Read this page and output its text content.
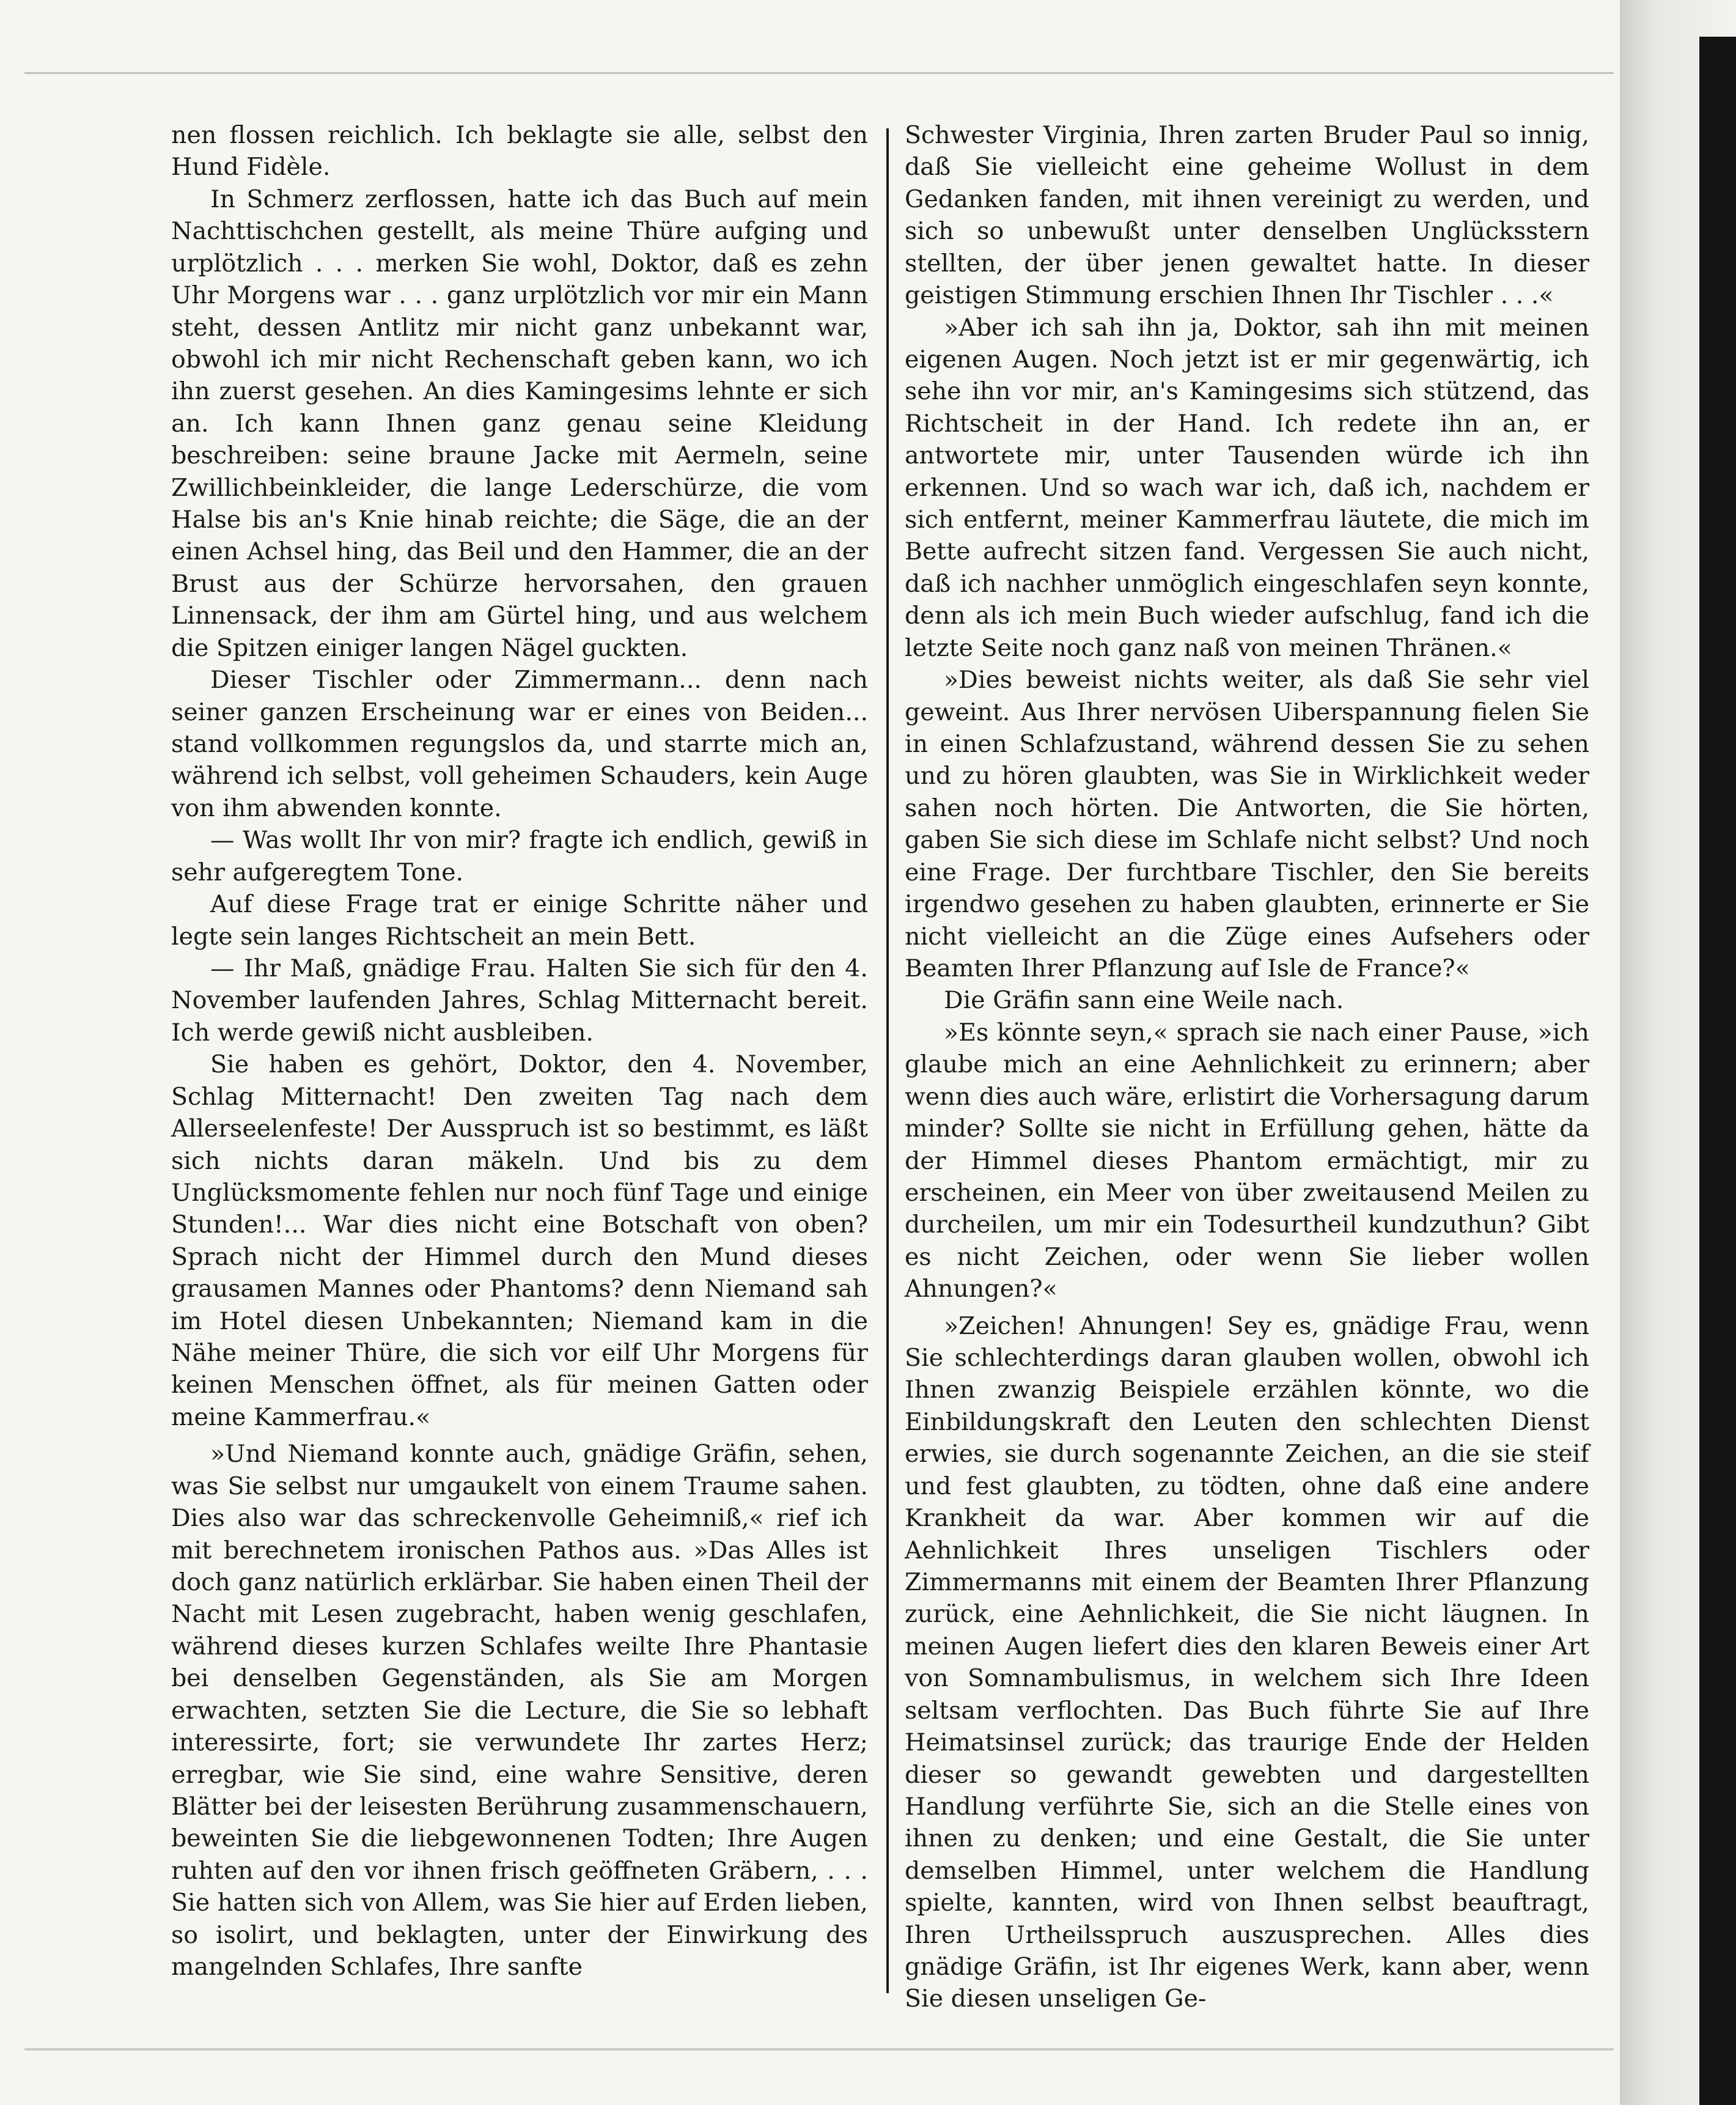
nen flossen reichlich. Ich beklagte sie alle, selbst den Hund Fidèle.

In Schmerz zerflossen, hatte ich das Buch auf mein Nachttischchen gestellt, als meine Thüre aufging und urplötzlich . . . merken Sie wohl, Doktor, daß es zehn Uhr Morgens war . . . ganz urplötzlich vor mir ein Mann steht, dessen Antlitz mir nicht ganz unbekannt war, obwohl ich mir nicht Rechenschaft geben kann, wo ich ihn zuerst gesehen. An dies Kamingesims lehnte er sich an. Ich kann Ihnen ganz genau seine Kleidung beschreiben: seine braune Jacke mit Aermeln, seine Zwillichbeinkleider, die lange Lederschürze, die vom Halse bis an's Knie hinab reichte; die Säge, die an der einen Achsel hing, das Beil und den Hammer, die an der Brust aus der Schürze hervorsahen, den grauen Linnensack, der ihm am Gürtel hing, und aus welchem die Spitzen einiger langen Nägel guckten.

Dieser Tischler oder Zimmermann... denn nach seiner ganzen Erscheinung war er eines von Beiden... stand vollkommen regungslos da, und starrte mich an, während ich selbst, voll geheimen Schauders, kein Auge von ihm abwenden konnte.

— Was wollt Ihr von mir? fragte ich endlich, gewiß in sehr aufgeregtem Tone.

Auf diese Frage trat er einige Schritte näher und legte sein langes Richtscheit an mein Bett.

— Ihr Maß, gnädige Frau. Halten Sie sich für den 4. November laufenden Jahres, Schlag Mitternacht bereit. Ich werde gewiß nicht ausbleiben.

Sie haben es gehört, Doktor, den 4. November, Schlag Mitternacht! Den zweiten Tag nach dem Allerseelenfeste! Der Ausspruch ist so bestimmt, es läßt sich nichts daran mäkeln. Und bis zu dem Unglücksmomente fehlen nur noch fünf Tage und einige Stunden!... War dies nicht eine Botschaft von oben? Sprach nicht der Himmel durch den Mund dieses grausamen Mannes oder Phantoms? denn Niemand sah im Hotel diesen Unbekannten; Niemand kam in die Nähe meiner Thüre, die sich vor eilf Uhr Morgens für keinen Menschen öffnet, als für meinen Gatten oder meine Kammerfrau.«

»Und Niemand konnte auch, gnädige Gräfin, sehen, was Sie selbst nur umgaukelt von einem Traume sahen. Dies also war das schreckenvolle Geheimniß,« rief ich mit berechnetem ironischen Pathos aus. »Das Alles ist doch ganz natürlich erklärbar. Sie haben einen Theil der Nacht mit Lesen zugebracht, haben wenig geschlafen, während dieses kurzen Schlafes weilte Ihre Phantasie bei denselben Gegenständen, als Sie am Morgen erwachten, setzten Sie die Lecture, die Sie so lebhaft interessirte, fort; sie verwundete Ihr zartes Herz; erregbar, wie Sie sind, eine wahre Sensitive, deren Blätter bei der leisesten Berührung zusammenschauern, beweinten Sie die liebgewonnenen Todten; Ihre Augen ruhten auf den vor ihnen frisch geöffneten Gräbern, . . . Sie hatten sich von Allem, was Sie hier auf Erden lieben, so isolirt, und beklagten, unter der Einwirkung des mangelnden Schlafes, Ihre sanfte

Schwester Virginia, Ihren zarten Bruder Paul so innig, daß Sie vielleicht eine geheime Wollust in dem Gedanken fanden, mit ihnen vereinigt zu werden, und sich so unbewußt unter denselben Unglücksstern stellten, der über jenen gewaltet hatte. In dieser geistigen Stimmung erschien Ihnen Ihr Tischler . . .«

»Aber ich sah ihn ja, Doktor, sah ihn mit meinen eigenen Augen. Noch jetzt ist er mir gegenwärtig, ich sehe ihn vor mir, an's Kamingesims sich stützend, das Richtscheit in der Hand. Ich redete ihn an, er antwortete mir, unter Tausenden würde ich ihn erkennen. Und so wach war ich, daß ich, nachdem er sich entfernt, meiner Kammerfrau läutete, die mich im Bette aufrecht sitzen fand. Vergessen Sie auch nicht, daß ich nachher unmöglich eingeschlafen seyn konnte, denn als ich mein Buch wieder aufschlug, fand ich die letzte Seite noch ganz naß von meinen Thränen.«

»Dies beweist nichts weiter, als daß Sie sehr viel geweint. Aus Ihrer nervösen Uiberspannung fielen Sie in einen Schlafzustand, während dessen Sie zu sehen und zu hören glaubten, was Sie in Wirklichkeit weder sahen noch hörten. Die Antworten, die Sie hörten, gaben Sie sich diese im Schlafe nicht selbst? Und noch eine Frage. Der furchtbare Tischler, den Sie bereits irgendwo gesehen zu haben glaubten, erinnerte er Sie nicht vielleicht an die Züge eines Aufsehers oder Beamten Ihrer Pflanzung auf Isle de France?«

Die Gräfin sann eine Weile nach.

»Es könnte seyn,« sprach sie nach einer Pause, »ich glaube mich an eine Aehnlichkeit zu erinnern; aber wenn dies auch wäre, erlistirt die Vorhersagung darum minder? Sollte sie nicht in Erfüllung gehen, hätte da der Himmel dieses Phantom ermächtigt, mir zu erscheinen, ein Meer von über zweitausend Meilen zu durcheilen, um mir ein Todesurtheil kundzuthun? Gibt es nicht Zeichen, oder wenn Sie lieber wollen Ahnungen?«

»Zeichen! Ahnungen! Sey es, gnädige Frau, wenn Sie schlechterdings daran glauben wollen, obwohl ich Ihnen zwanzig Beispiele erzählen könnte, wo die Einbildungskraft den Leuten den schlechten Dienst erwies, sie durch sogenannte Zeichen, an die sie steif und fest glaubten, zu tödten, ohne daß eine andere Krankheit da war. Aber kommen wir auf die Aehnlichkeit Ihres unseligen Tischlers oder Zimmermanns mit einem der Beamten Ihrer Pflanzung zurück, eine Aehnlichkeit, die Sie nicht läugnen. In meinen Augen liefert dies den klaren Beweis einer Art von Somnambulismus, in welchem sich Ihre Ideen seltsam verflochten. Das Buch führte Sie auf Ihre Heimatsinsel zurück; das traurige Ende der Helden dieser so gewandt gewebten und dargestellten Handlung verführte Sie, sich an die Stelle eines von ihnen zu denken; und eine Gestalt, die Sie unter demselben Himmel, unter welchem die Handlung spielte, kannten, wird von Ihnen selbst beauftragt, Ihren Urtheilsspruch auszusprechen. Alles dies gnädige Gräfin, ist Ihr eigenes Werk, kann aber, wenn Sie diesen unseligen Ge-
